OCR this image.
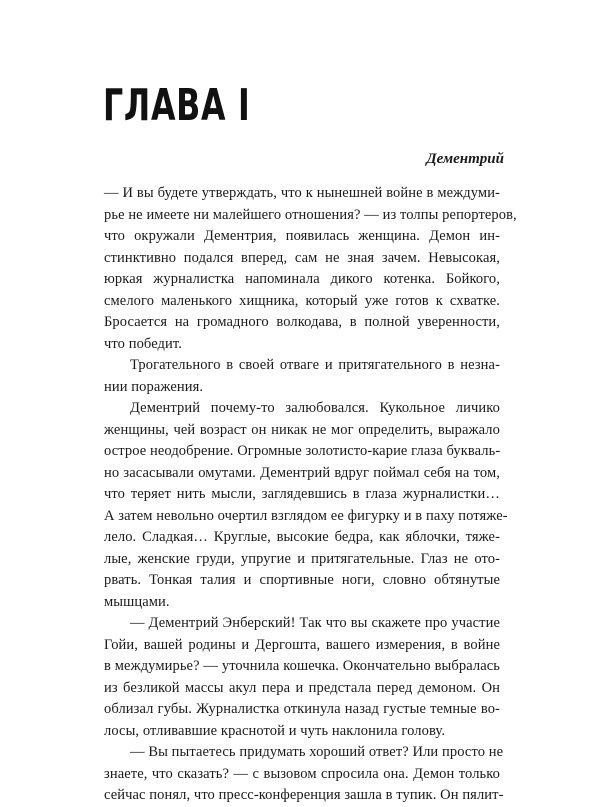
ГЛАВА I
Дементрий
— И вы будете утверждать, что к нынешней войне в междуми-
рье не имеете ни малейшего отношения? — из толпы репортеров,
что окружали Дементрия, появилась женщина. Демон ин-
стинктивно подался вперед, сам не зная зачем. Невысокая,
юркая журналистка напоминала дикого котенка. Бойкого,
смелого маленького хищника, который уже готов к схватке.
Бросается на громадного волкодава, в полной уверенности,
что победит.
Трогательного в своей отваге и притягательного в незна-
нии поражения.
Дементрий почему-то залюбовался. Кукольное личико
женщины, чей возраст он никак не мог определить, выражало
острое неодобрение. Огромные золотисто-карие глаза букваль-
но засасывали омутами. Дементрий вдруг поймал себя на том,
что теряет нить мысли, заглядевшись в глаза журналистки…
А затем невольно очертил взглядом ее фигурку и в паху потяже-
лело. Сладкая… Круглые, высокие бедра, как яблочки, тяже-
лые, женские груди, упругие и притягательные. Глаз не ото-
рвать. Тонкая талия и спортивные ноги, словно обтянутые
мышцами.
— Дементрий Энберский! Так что вы скажете про участие
Гойи, вашей родины и Дергошта, вашего измерения, в войне
в междумирье? — уточнила кошечка. Окончательно выбралась
из безликой массы акул пера и предстала перед демоном. Он
облизал губы. Журналистка откинула назад густые темные во-
лосы, отливавшие краснотой и чуть наклонила голову.
— Вы пытаетесь придумать хороший ответ? Или просто не
знаете, что сказать? — с вызовом спросила она. Демон только
сейчас понял, что пресс-конференция зашла в тупик. Он пялит-
